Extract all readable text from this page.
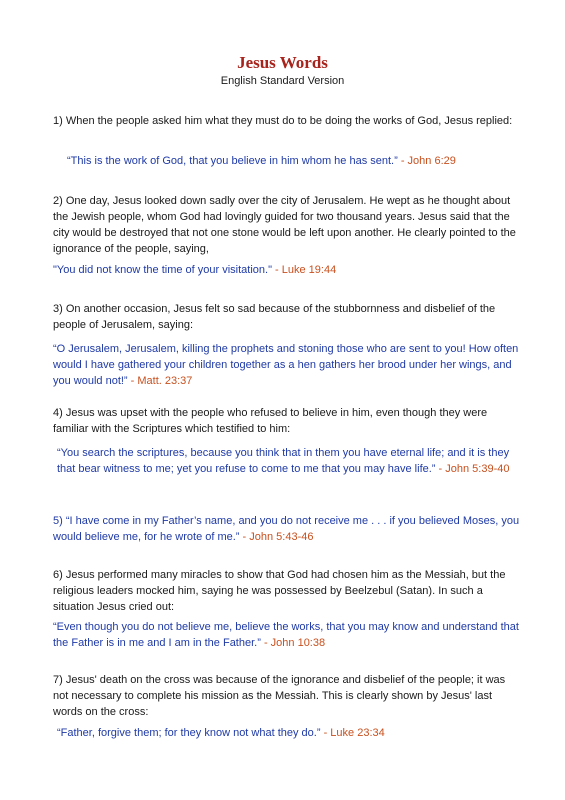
Jesus Words
English Standard Version
1) When the people asked him what they must do to be doing the works of God, Jesus replied:
“This is the work of God, that you believe in him whom he has sent.” - John 6:29
2) One day, Jesus looked down sadly over the city of Jerusalem. He wept as he thought about the Jewish people, whom God had lovingly guided for two thousand years. Jesus said that the city would be destroyed that not one stone would be left upon another. He clearly pointed to the ignorance of the people, saying,
"You did not know the time of your visitation." - Luke 19:44
3) On another occasion, Jesus felt so sad because of the stubbornness and disbelief of the people of Jerusalem, saying:
“O Jerusalem, Jerusalem, killing the prophets and stoning those who are sent to you! How often would I have gathered your children together as a hen gathers her brood under her wings, and you would not!” - Matt. 23:37
4) Jesus was upset with the people who refused to believe in him, even though they were familiar with the Scriptures which testified to him:
“You search the scriptures, because you think that in them you have eternal life; and it is they that bear witness to me; yet you refuse to come to me that you may have life.” - John 5:39-40
5) “I have come in my Father’s name, and you do not receive me . . . if you believed Moses, you would believe me, for he wrote of me.” - John 5:43-46
6) Jesus performed many miracles to show that God had chosen him as the Messiah, but the religious leaders mocked him, saying he was possessed by Beelzebul (Satan). In such a situation Jesus cried out:
“Even though you do not believe me, believe the works, that you may know and understand that the Father is in me and I am in the Father.” - John 10:38
7) Jesus' death on the cross was because of the ignorance and disbelief of the people; it was not necessary to complete his mission as the Messiah. This is clearly shown by Jesus' last words on the cross:
“Father, forgive them; for they know not what they do.” - Luke 23:34
